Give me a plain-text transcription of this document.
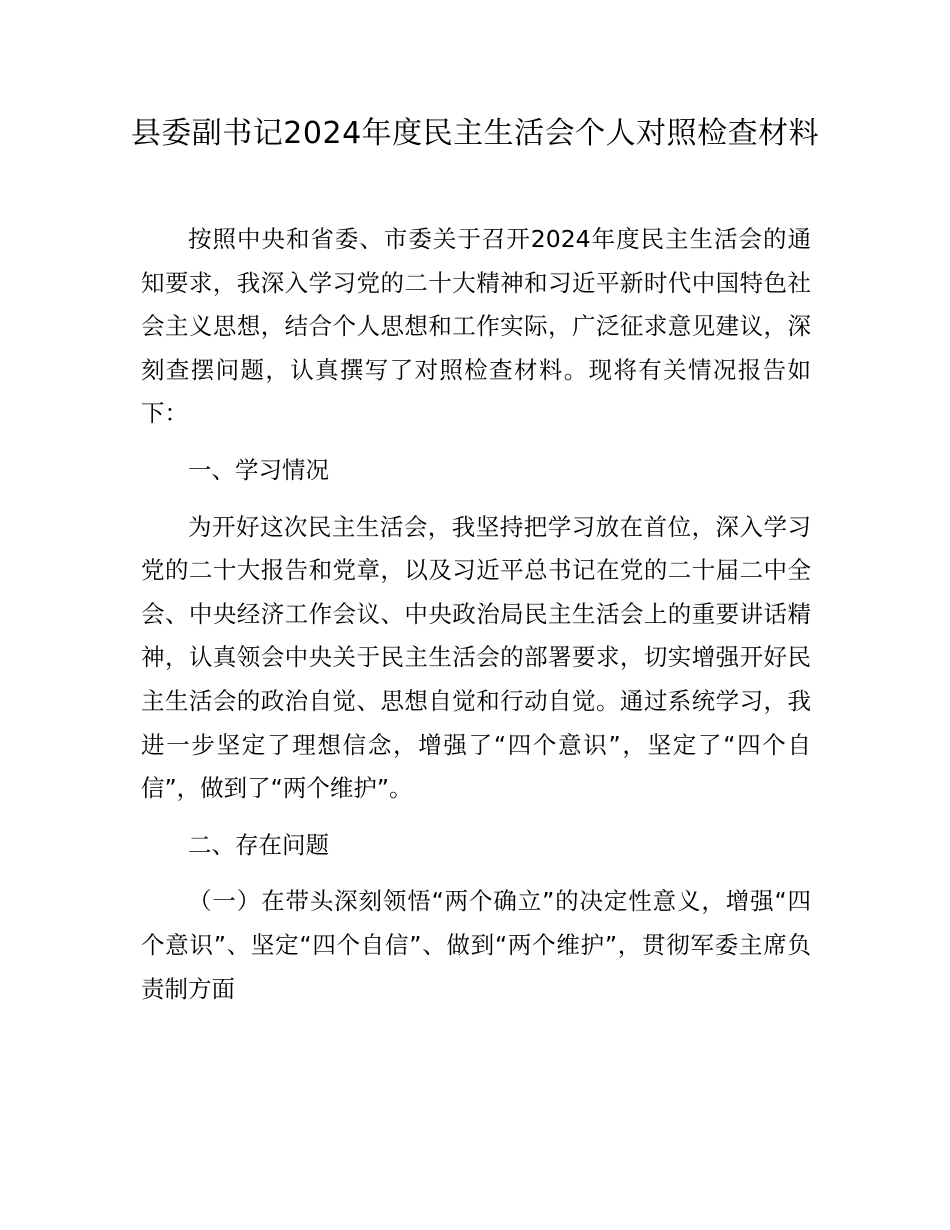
县委副书记2024年度民主生活会个人对照检查材料

按照中央和省委、市委关于召开2024年度民主生活会的通知要求，我深入学习党的二十大精神和习近平新时代中国特色社会主义思想，结合个人思想和工作实际，广泛征求意见建议，深刻查摆问题，认真撰写了对照检查材料。现将有关情况报告如下：

一、学习情况

为开好这次民主生活会，我坚持把学习放在首位，深入学习党的二十大报告和党章，以及习近平总书记在党的二十届二中全会、中央经济工作会议、中央政治局民主生活会上的重要讲话精神，认真领会中央关于民主生活会的部署要求，切实增强开好民主生活会的政治自觉、思想自觉和行动自觉。通过系统学习，我进一步坚定了理想信念，增强了“四个意识”，坚定了“四个自信”，做到了“两个维护”。

二、存在问题

（一）在带头深刻领悟“两个确立”的决定性意义，增强“四个意识”、坚定“四个自信”、做到“两个维护”，贯彻军委主席负责制方面
